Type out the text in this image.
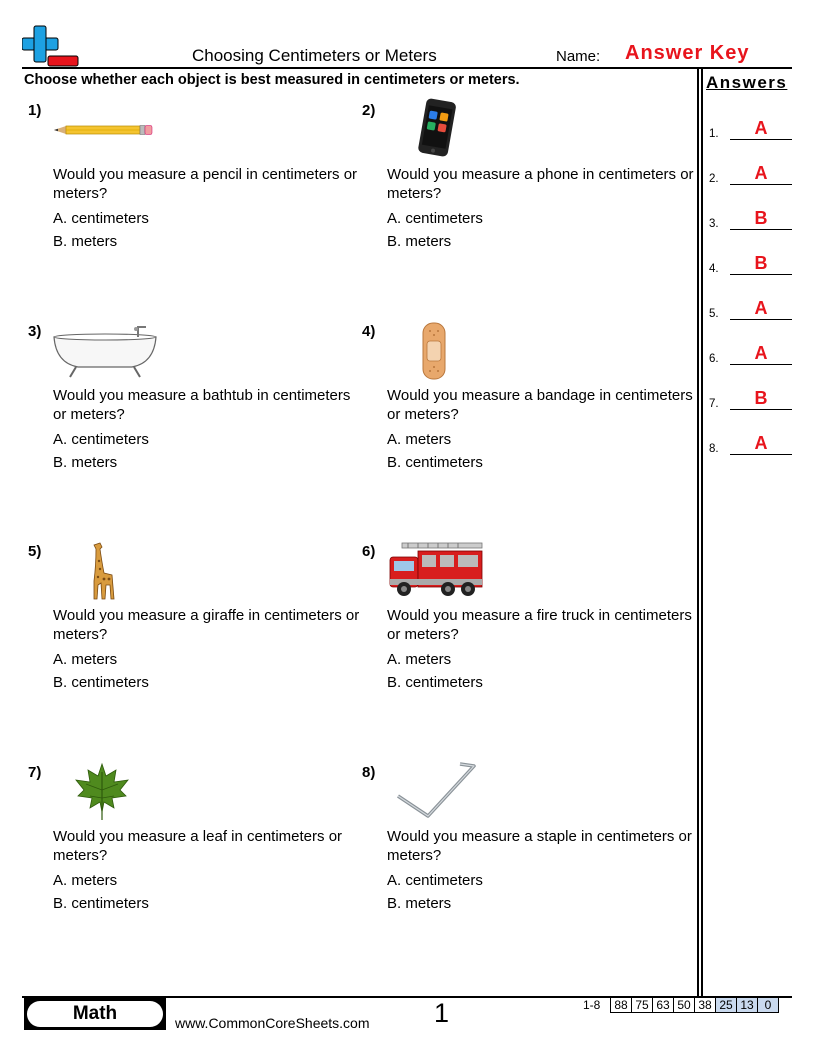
Choosing Centimeters or Meters	Name: Answer Key
Choose whether each object is best measured in centimeters or meters.	Answers
1.	A
2.	A
3.	B
4.	B
5.	A
6.	A
7.	B
8.	A
1)
Would you measure a pencil in centimeters or meters?
A. centimeters
B. meters
2)
Would you measure a phone in centimeters or meters?
A. centimeters
B. meters
3)
Would you measure a bathtub in centimeters or meters?
A. centimeters
B. meters
4)
Would you measure a bandage in centimeters or meters?
A. meters
B. centimeters
5)
Would you measure a giraffe in centimeters or meters?
A. meters
B. centimeters
6)
Would you measure a fire truck in centimeters or meters?
A. meters
B. centimeters
7)
Would you measure a leaf in centimeters or meters?
A. meters
B. centimeters
8)
Would you measure a staple in centimeters or meters?
A. centimeters
B. meters
Math	www.CommonCoreSheets.com 1	1-8 88	75	63	50	38	25	13	0
